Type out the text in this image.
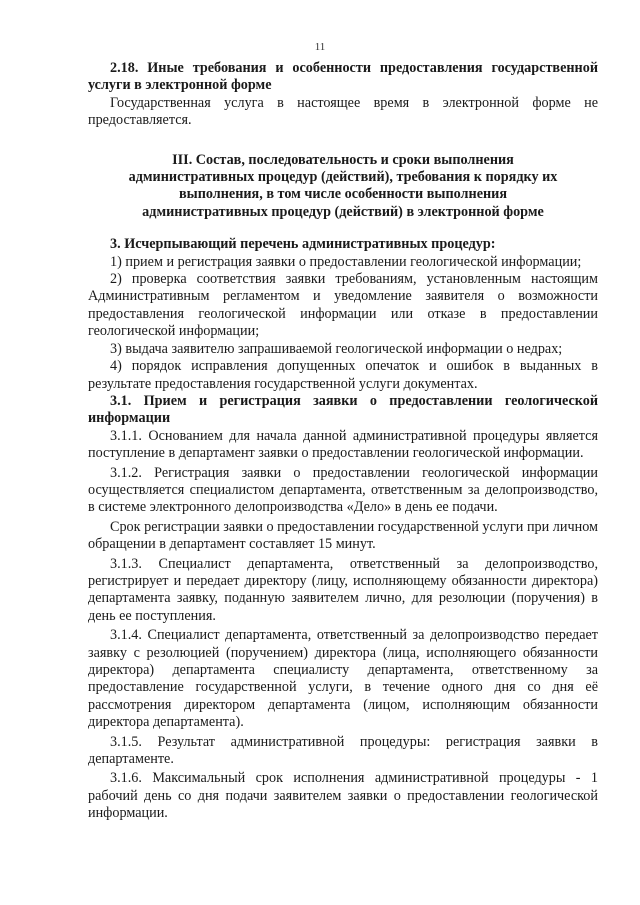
11

2.18. Иные требования и особенности предоставления государственной услуги в электронной форме

Государственная услуга в настоящее время в электронной форме не предоставляется.

III. Состав, последовательность и сроки выполнения административных процедур (действий), требования к порядку их выполнения, в том числе особенности выполнения административных процедур (действий) в электронной форме

3. Исчерпывающий перечень административных процедур:

1) прием и регистрация заявки о предоставлении геологической информации;

2) проверка соответствия заявки требованиям, установленным настоящим Административным регламентом и уведомление заявителя о возможности предоставления геологической информации или отказе в предоставлении геологической информации;

3) выдача заявителю запрашиваемой геологической информации о недрах;

4) порядок исправления допущенных опечаток и ошибок в выданных в результате предоставления государственной услуги документах.

3.1. Прием и регистрация заявки о предоставлении геологической информации

3.1.1. Основанием для начала данной административной процедуры является поступление в департамент заявки о предоставлении геологической информации.

3.1.2. Регистрация заявки о предоставлении геологической информации осуществляется специалистом департамента, ответственным за делопроизводство, в системе электронного делопроизводства «Дело» в день ее подачи.

Срок регистрации заявки о предоставлении государственной услуги при личном обращении в департамент составляет 15 минут.

3.1.3. Специалист департамента, ответственный за делопроизводство, регистрирует и передает директору (лицу, исполняющему обязанности директора) департамента заявку, поданную заявителем лично, для резолюции (поручения) в день ее поступления.

3.1.4. Специалист департамента, ответственный за делопроизводство передает заявку с резолюцией (поручением) директора (лица, исполняющего обязанности директора) департамента специалисту департамента, ответственному за предоставление государственной услуги, в течение одного дня со дня её рассмотрения директором департамента (лицом, исполняющим обязанности директора департамента).

3.1.5. Результат административной процедуры: регистрация заявки в департаменте.

3.1.6. Максимальный срок исполнения административной процедуры - 1 рабочий день со дня подачи заявителем заявки о предоставлении геологической информации.
